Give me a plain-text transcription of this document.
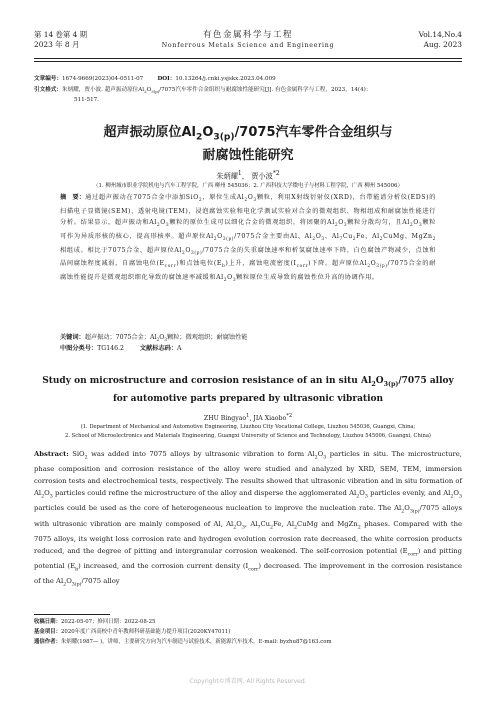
第 14 卷第 4 期
2023 年 8 月
有色金属科学与工程
Nonferrous Metals Science and Engineering
Vol.14,No.4
Aug. 2023
文章编号：1674-9669(2023)04-0511-07	DOI：10.13264/j.cnki.ysjskx.2023.04.009
引文格式：朱炳耀，贾小波. 超声振动原位$Al_2O_{3(p)}/7075$汽车零件合金组织与耐腐蚀性能研究[J]. 有色金属科学与工程，2023，14(4)：
511-517.
超声振动原位$Al_2O_{3(p)}/7075$汽车零件合金组织与
耐腐蚀性能研究
朱炳耀$^1$， 贾小波$^{*2}$
（1. 柳州城市职业学院机电与汽车工程学院，广西 柳州 545036；2. 广西科技大学微电子与材料工程学院，广西 柳州 545006）
摘　要：通过超声振动在7075合金中添加SiO$_2$，原位生成$Al_2O_3$颗粒，利用X射线衍射仪(XRD)，台带能谱分析仪(EDS)的扫描电子显微镜(SEM)，透射电镜(TEM)，浸泡腐蚀实验和电化学测试实验对合金的微观组织、物相组成和耐腐蚀性能进行分析。结果显示，超声振动和$Al_2O_3$颗粒的原位生成可以细化合金的微观组织，将团聚的$Al_2O_3$颗粒分散均匀，且$Al_2O_3$颗粒可作为异质形核的核心，提高形核率。超声原位$Al_2O_{3(p)}/7075$合金主要由Al、$Al_2O_3$、$Al_7Cu_2Fe$、$Al_2CuMg$、MgZn$_2$相组成。相比于7075合金，超声原位$Al_2O_{3(p)}/7075$合金的失重腐蚀速率和析氢腐蚀速率下降，白色腐蚀产物减少，点蚀和晶间腐蚀程度减弱，自腐蚀电位$(E_{corr})$和点蚀电位$(E_b)$上升，腐蚀电流密度$(I_{corr})$下降。超声原位$Al_2O_{3(p)}/7075$合金的耐腐蚀性能提升是微观组织细化导致的腐蚀速率减缓和$Al_2O_3$颗粒原位生成导致的腐蚀性位升高的协调作用。
关键词：超声振动；7075合金；$Al_2O_3$颗粒；微观组织；耐腐蚀性能
中图分类号：TG146.2	文献标志码：A
Study on microstructure and corrosion resistance of an in situ $Al_2O_{3(p)}/7075$ alloy
for automotive parts prepared by ultrasonic vibration
ZHU Bingyao$^1$, JIA Xiaobo$^{*2}$
(1. Department of Mechanical and Automotive Engineering, Liuzhou City Vocational College, Liuzhou 545036, Guangxi, China;
2. School of Microelectronics and Materials Engineering, Guangxi University of Science and Technology, Liuzhou 545006, Guangxi, China)
Abstract: SiO$_2$ was added into 7075 alloys by ultrasonic vibration to form $Al_2O_3$ particles in situ. The microstructure, phase composition and corrosion resistance of the alloy were studied and analyzed by XRD, SEM, TEM, immersion corrosion tests and electrochemical tests, respectively. The results showed that ultrasonic vibration and in situ formation of $Al_2O_3$ particles could refine the microstructure of the alloy and disperse the agglomerated $Al_2O_3$ particles evenly, and $Al_2O_3$ particles could be used as the core of heterogeneous nucleation to improve the nucleation rate. The $Al_2O_{3(p)}/7075$ alloys with ultrasonic vibration are mainly composed of Al, $Al_2O_3$, $Al_7Cu_2Fe$, $Al_2CuMg$ and MgZn$_2$ phases. Compared with the 7075 alloys, its weight loss corrosion rate and hydrogen evolution corrosion rate decreased, the white corrosion products reduced, and the degree of pitting and intergranular corrosion weakened. The self-corrosion potential $(E_{corr})$ and pitting potential $(E_b)$ increased, and the corrosion current density $(I_{corr})$ decreased. The improvement in the corrosion resistance of the $Al_2O_{3(p)}/7075$ alloy
收稿日期：2022-05-07；修回日期：2022-08-25
基金项目：2020年度广西高校中青年教师科研基础能力提升项目(2020KY47011)
通信作者：朱炳耀(1987— )，讲师，主要研究方向为汽车制造与试验技术，新能源汽车技术。E-mail: byzhu87@163.com
Copyright©博看网. All Rights Reserved.
